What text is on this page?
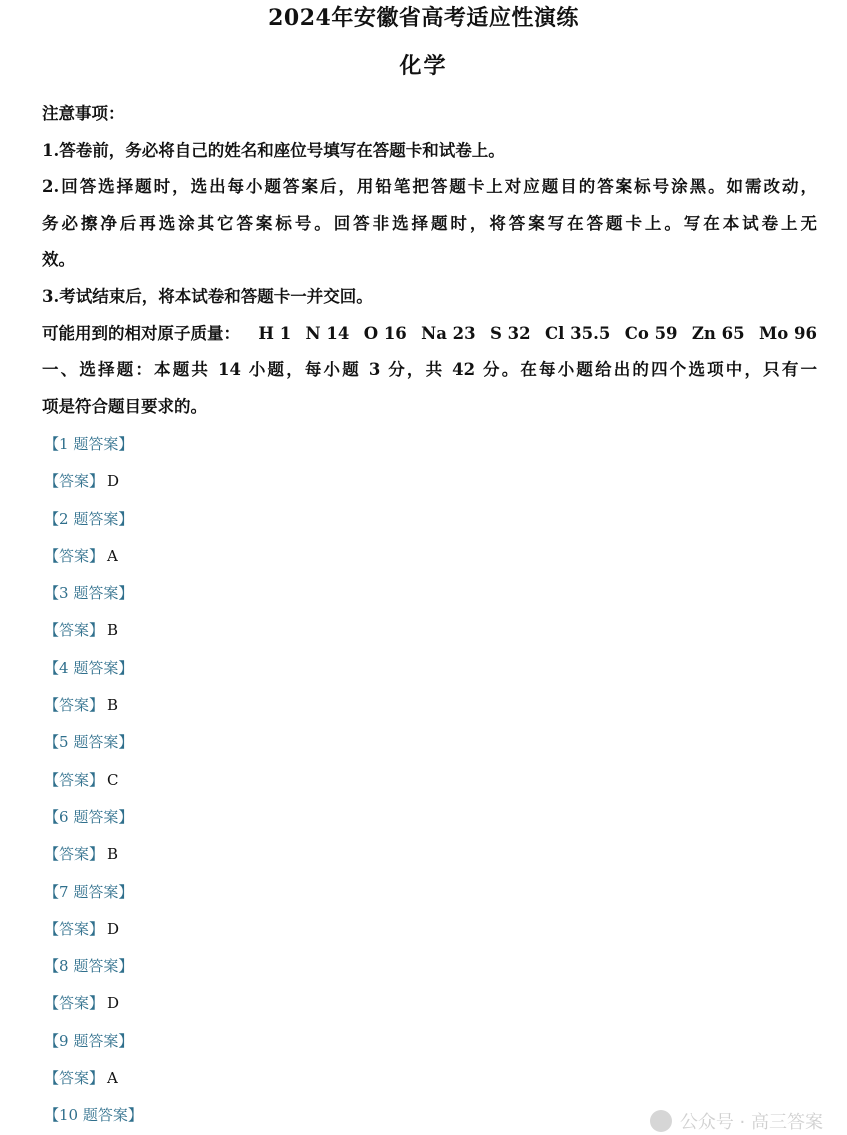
2024年安徽省高考适应性演练
化学
注意事项：
1.答卷前，务必将自己的姓名和座位号填写在答题卡和试卷上。
2.回答选择题时，选出每小题答案后，用铅笔把答题卡上对应题目的答案标号涂黑。如需改动，
务必擦净后再选涂其它答案标号。回答非选择题时，将答案写在答题卡上。写在本试卷上无
效。
3.考试结束后，将本试卷和答题卡一并交回。
可能用到的相对原子质量： H 1 N 14 O 16 Na 23 S 32 Cl 35.5 Co 59 Zn 65 Mo 96
一、选择题：本题共 14 小题，每小题 3 分，共 42 分。在每小题给出的四个选项中，只有一
项是符合题目要求的。
【1 题答案】
【答案】 D
【2 题答案】
【答案】 A
【3 题答案】
【答案】 B
【4 题答案】
【答案】 B
【5 题答案】
【答案】 C
【6 题答案】
【答案】 B
【7 题答案】
【答案】 D
【8 题答案】
【答案】 D
【9 题答案】
【答案】 A
【10 题答案】	公众号 · 高三答案
